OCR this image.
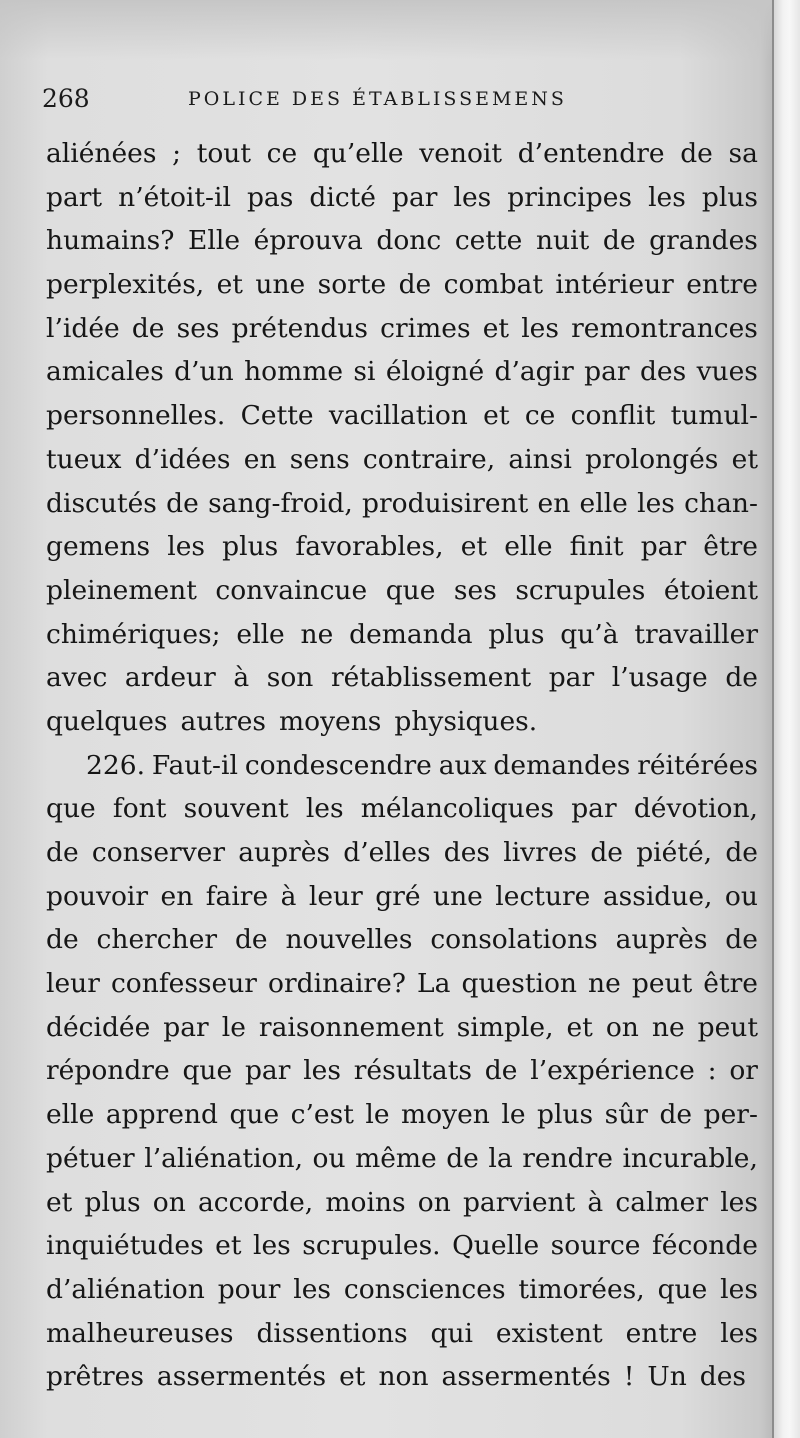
268	POLICE DES ÉTABLISSEMENS
aliénées ; tout ce qu’elle venoit d’entendre de sa
part n’étoit-il pas dicté par les principes les plus
humains? Elle éprouva donc cette nuit de grandes
perplexités, et une sorte de combat intérieur entre
l’idée de ses prétendus crimes et les remontrances
amicales d’un homme si éloigné d’agir par des vues
personnelles. Cette vacillation et ce conflit tumul-
tueux d’idées en sens contraire, ainsi prolongés et
discutés de sang-froid, produisirent en elle les chan-
gemens les plus favorables, et elle finit par être
pleinement convaincue que ses scrupules étoient
chimériques; elle ne demanda plus qu’à travailler
avec ardeur à son rétablissement par l’usage de
quelques autres moyens physiques.
226. Faut-il condescendre aux demandes réitérées
que font souvent les mélancoliques par dévotion,
de conserver auprès d’elles des livres de piété, de
pouvoir en faire à leur gré une lecture assidue, ou
de chercher de nouvelles consolations auprès de
leur confesseur ordinaire? La question ne peut être
décidée par le raisonnement simple, et on ne peut
répondre que par les résultats de l’expérience : or
elle apprend que c’est le moyen le plus sûr de per-
pétuer l’aliénation, ou même de la rendre incurable,
et plus on accorde, moins on parvient à calmer les
inquiétudes et les scrupules. Quelle source féconde
d’aliénation pour les consciences timorées, que les
malheureuses dissentions qui existent entre les
prêtres assermentés et non assermentés ! Un des
